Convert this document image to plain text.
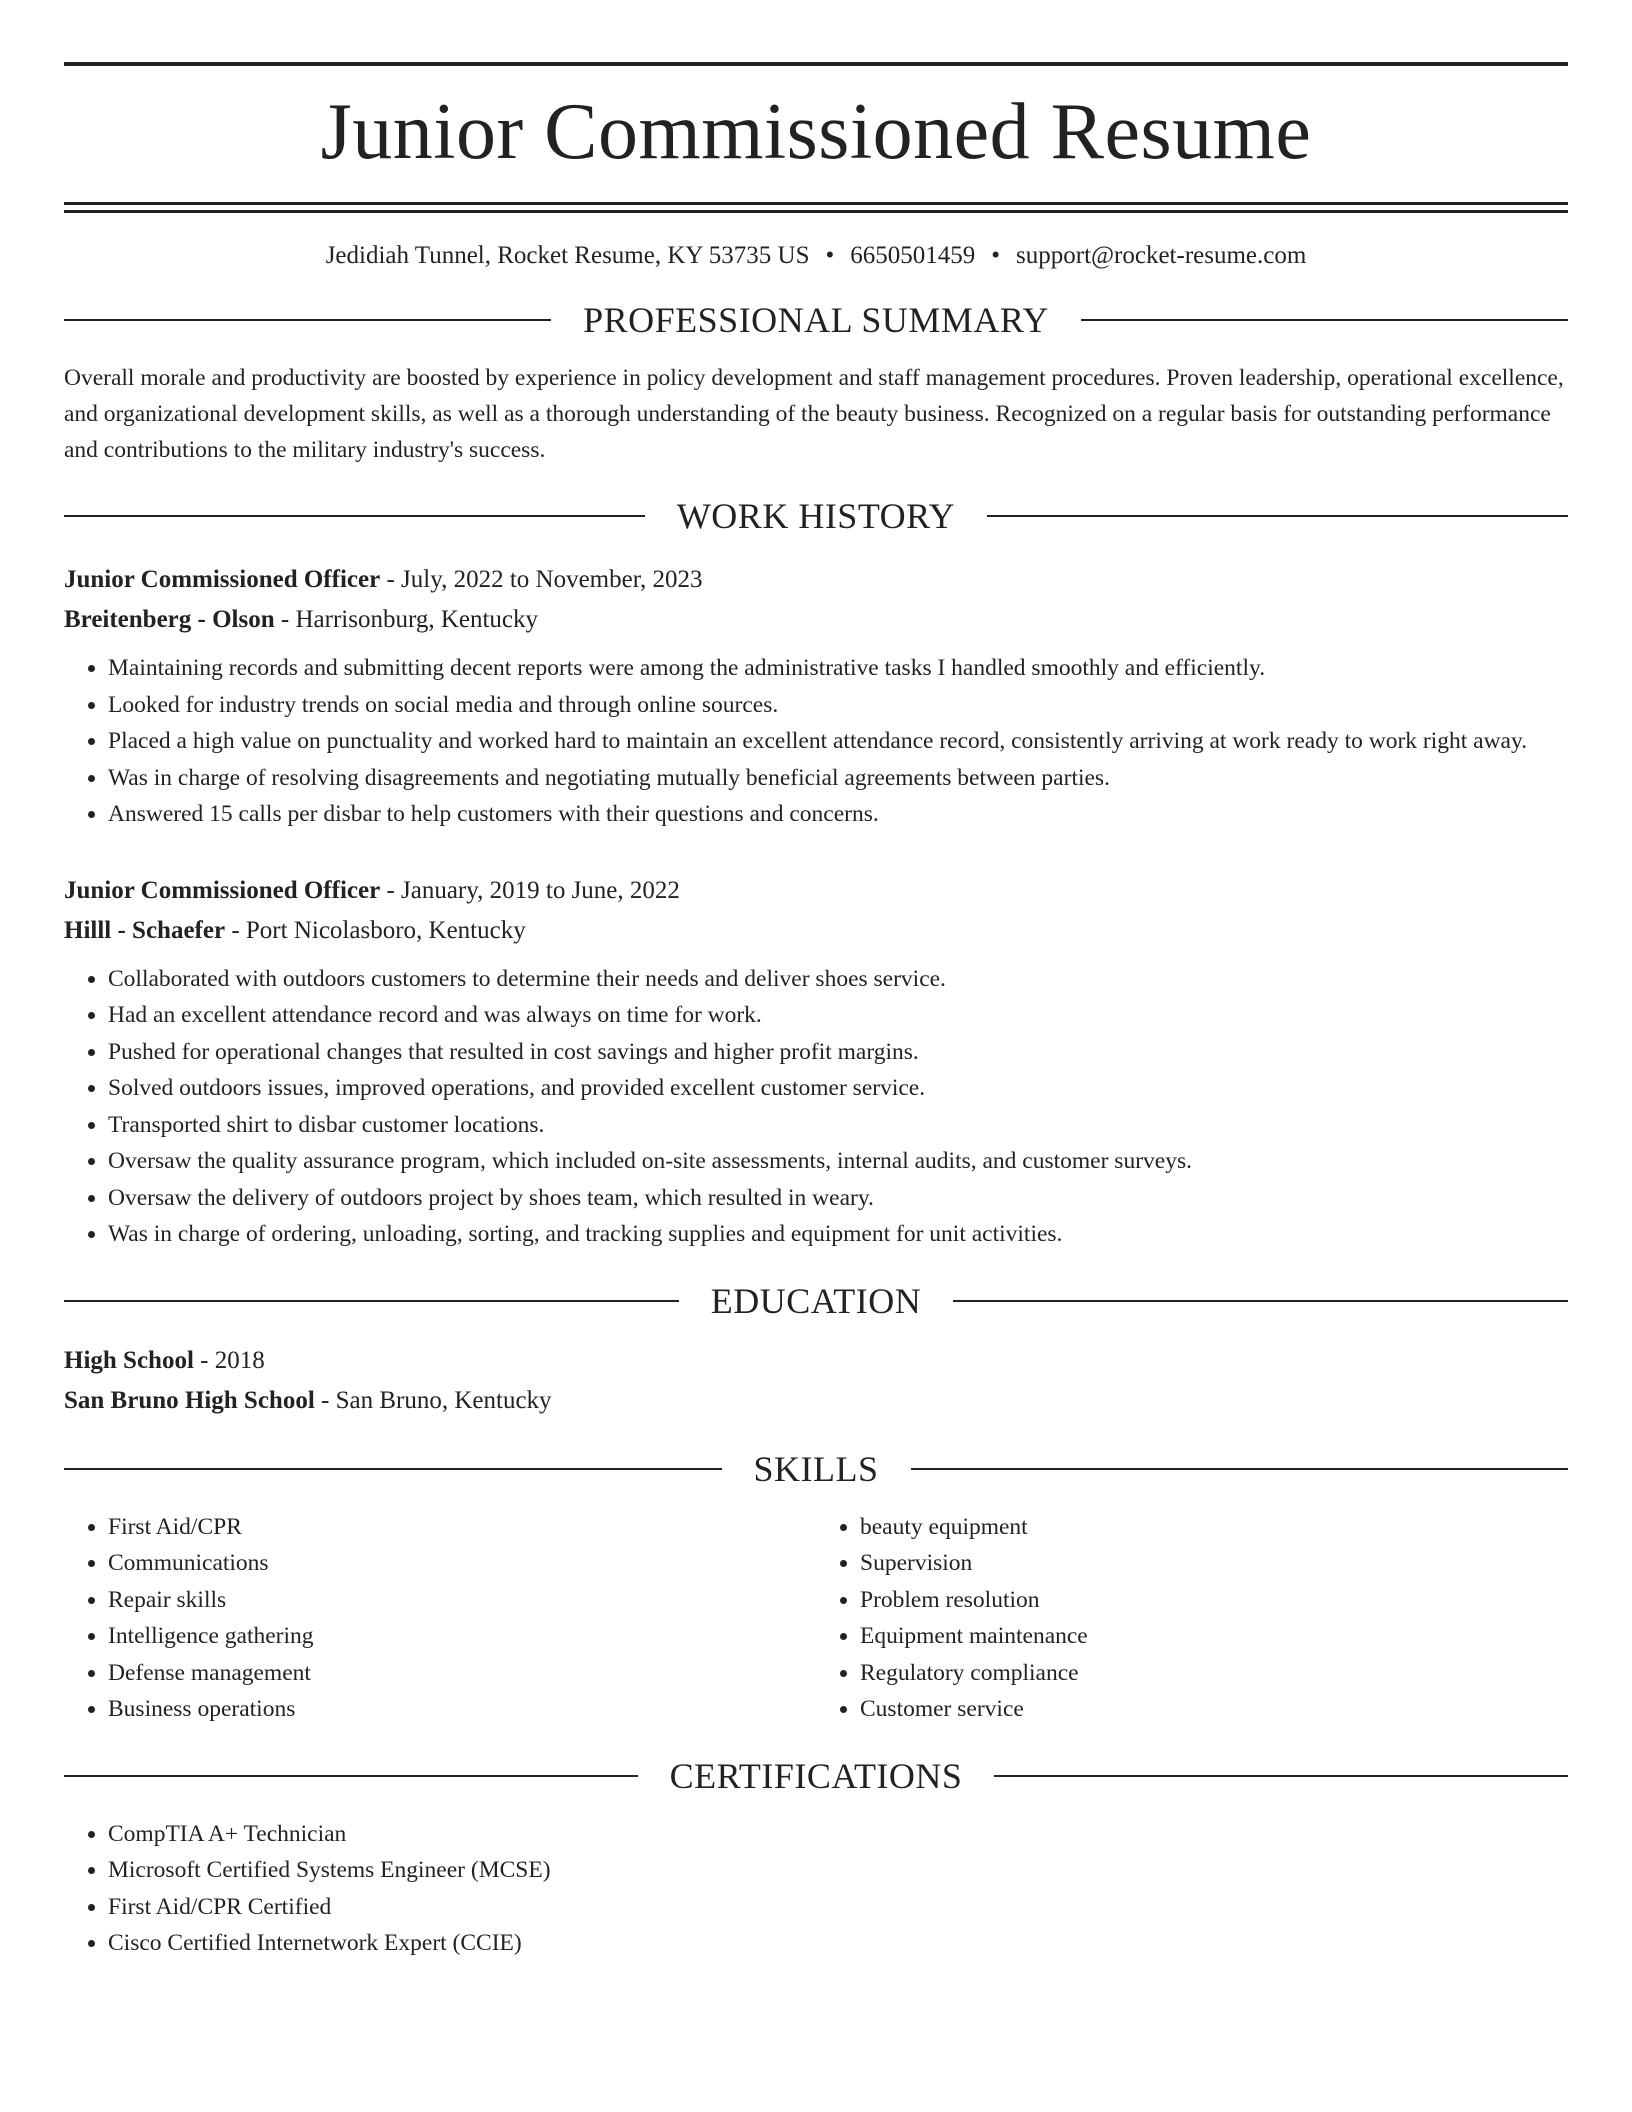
Junior Commissioned Resume
Jedidiah Tunnel, Rocket Resume, KY 53735 US • 6650501459 • support@rocket-resume.com
PROFESSIONAL SUMMARY

Overall morale and productivity are boosted by experience in policy development and staff management procedures. Proven leadership, operational excellence, and organizational development skills, as well as a thorough understanding of the beauty business. Recognized on a regular basis for outstanding performance and contributions to the military industry's success.

WORK HISTORY

Junior Commissioned Officer - July, 2022 to November, 2023

Breitenberg - Olson - Harrisonburg, Kentucky

• Maintaining records and submitting decent reports were among the administrative tasks I handled smoothly and efficiently.
• Looked for industry trends on social media and through online sources.
• Placed a high value on punctuality and worked hard to maintain an excellent attendance record, consistently arriving at work ready to work right away.
• Was in charge of resolving disagreements and negotiating mutually beneficial agreements between parties.
• Answered 15 calls per disbar to help customers with their questions and concerns.

Junior Commissioned Officer - January, 2019 to June, 2022

Hilll - Schaefer - Port Nicolasboro, Kentucky

• Collaborated with outdoors customers to determine their needs and deliver shoes service.
• Had an excellent attendance record and was always on time for work.
• Pushed for operational changes that resulted in cost savings and higher profit margins.
• Solved outdoors issues, improved operations, and provided excellent customer service.
• Transported shirt to disbar customer locations.
• Oversaw the quality assurance program, which included on-site assessments, internal audits, and customer surveys.
• Oversaw the delivery of outdoors project by shoes team, which resulted in weary.
• Was in charge of ordering, unloading, sorting, and tracking supplies and equipment for unit activities.
EDUCATION

High School - 2018

San Bruno High School - San Bruno, Kentucky

SKILLS
• First Aid/CPR
• Communications
• Repair skills
• Intelligence gathering
• Defense management
• Business operations
• beauty equipment
• Supervision
• Problem resolution
• Equipment maintenance
• Regulatory compliance
• Customer service
CERTIFICATIONS
• CompTIA A+ Technician
• Microsoft Certified Systems Engineer (MCSE)
• First Aid/CPR Certified
• Cisco Certified Internetwork Expert (CCIE)
